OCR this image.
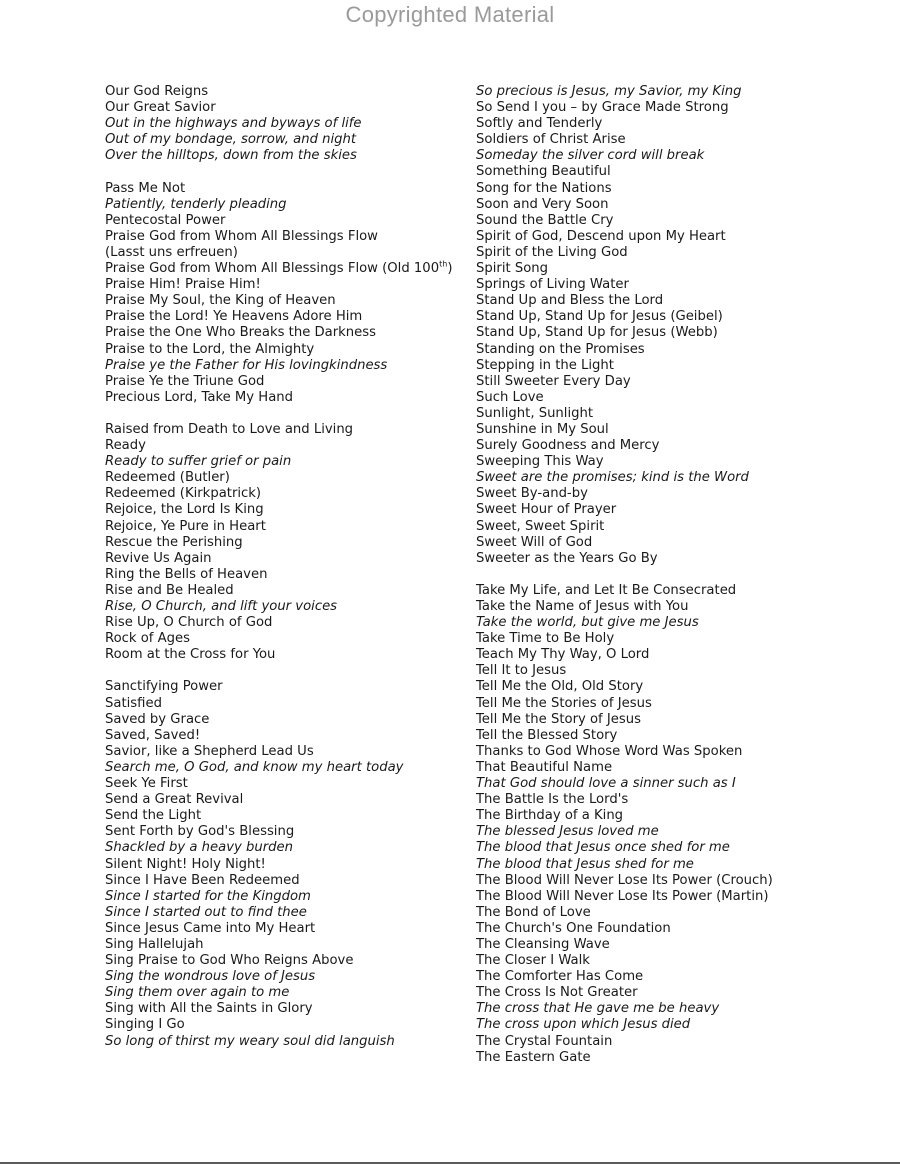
Copyrighted Material
Our God Reigns
Our Great Savior
Out in the highways and byways of life
Out of my bondage, sorrow, and night
Over the hilltops, down from the skies
Pass Me Not
Patiently, tenderly pleading
Pentecostal Power
Praise God from Whom All Blessings Flow
(Lasst uns erfreuen)
Praise God from Whom All Blessings Flow (Old 100th)
Praise Him! Praise Him!
Praise My Soul, the King of Heaven
Praise the Lord! Ye Heavens Adore Him
Praise the One Who Breaks the Darkness
Praise to the Lord, the Almighty
Praise ye the Father for His lovingkindness
Praise Ye the Triune God
Precious Lord, Take My Hand
Raised from Death to Love and Living
Ready
Ready to suffer grief or pain
Redeemed (Butler)
Redeemed (Kirkpatrick)
Rejoice, the Lord Is King
Rejoice, Ye Pure in Heart
Rescue the Perishing
Revive Us Again
Ring the Bells of Heaven
Rise and Be Healed
Rise, O Church, and lift your voices
Rise Up, O Church of God
Rock of Ages
Room at the Cross for You
Sanctifying Power
Satisfied
Saved by Grace
Saved, Saved!
Savior, like a Shepherd Lead Us
Search me, O God, and know my heart today
Seek Ye First
Send a Great Revival
Send the Light
Sent Forth by God's Blessing
Shackled by a heavy burden
Silent Night! Holy Night!
Since I Have Been Redeemed
Since I started for the Kingdom
Since I started out to find thee
Since Jesus Came into My Heart
Sing Hallelujah
Sing Praise to God Who Reigns Above
Sing the wondrous love of Jesus
Sing them over again to me
Sing with All the Saints in Glory
Singing I Go
So long of thirst my weary soul did languish
So precious is Jesus, my Savior, my King
So Send I you – by Grace Made Strong
Softly and Tenderly
Soldiers of Christ Arise
Someday the silver cord will break
Something Beautiful
Song for the Nations
Soon and Very Soon
Sound the Battle Cry
Spirit of God, Descend upon My Heart
Spirit of the Living God
Spirit Song
Springs of Living Water
Stand Up and Bless the Lord
Stand Up, Stand Up for Jesus (Geibel)
Stand Up, Stand Up for Jesus (Webb)
Standing on the Promises
Stepping in the Light
Still Sweeter Every Day
Such Love
Sunlight, Sunlight
Sunshine in My Soul
Surely Goodness and Mercy
Sweeping This Way
Sweet are the promises; kind is the Word
Sweet By-and-by
Sweet Hour of Prayer
Sweet, Sweet Spirit
Sweet Will of God
Sweeter as the Years Go By
Take My Life, and Let It Be Consecrated
Take the Name of Jesus with You
Take the world, but give me Jesus
Take Time to Be Holy
Teach My Thy Way, O Lord
Tell It to Jesus
Tell Me the Old, Old Story
Tell Me the Stories of Jesus
Tell Me the Story of Jesus
Tell the Blessed Story
Thanks to God Whose Word Was Spoken
That Beautiful Name
That God should love a sinner such as I
The Battle Is the Lord's
The Birthday of a King
The blessed Jesus loved me
The blood that Jesus once shed for me
The blood that Jesus shed for me
The Blood Will Never Lose Its Power (Crouch)
The Blood Will Never Lose Its Power (Martin)
The Bond of Love
The Church's One Foundation
The Cleansing Wave
The Closer I Walk
The Comforter Has Come
The Cross Is Not Greater
The cross that He gave me be heavy
The cross upon which Jesus died
The Crystal Fountain
The Eastern Gate
